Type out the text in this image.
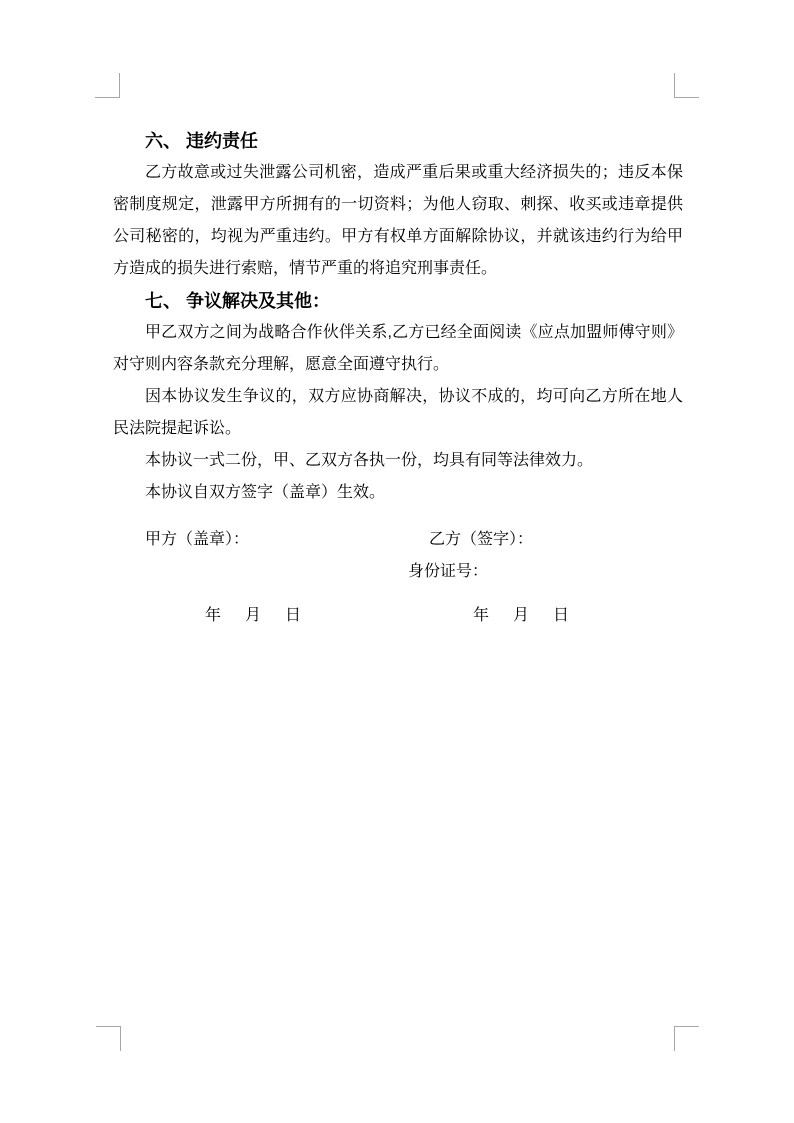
六、 违约责任

乙方故意或过失泄露公司机密，造成严重后果或重大经济损失的；违反本保密制度规定，泄露甲方所拥有的一切资料；为他人窃取、刺探、收买或违章提供公司秘密的，均视为严重违约。甲方有权单方面解除协议，并就该违约行为给甲方造成的损失进行索赔，情节严重的将追究刑事责任。

七、 争议解决及其他：

甲乙双方之间为战略合作伙伴关系,乙方已经全面阅读《应点加盟师傅守则》对守则内容条款充分理解，愿意全面遵守执行。

因本协议发生争议的，双方应协商解决，协议不成的，均可向乙方所在地人民法院提起诉讼。

本协议一式二份，甲、乙双方各执一份，均具有同等法律效力。

本协议自双方签字（盖章）生效。

甲方（盖章）：	乙方（签字）：
身份证号：
年　月　日	年　月　日
